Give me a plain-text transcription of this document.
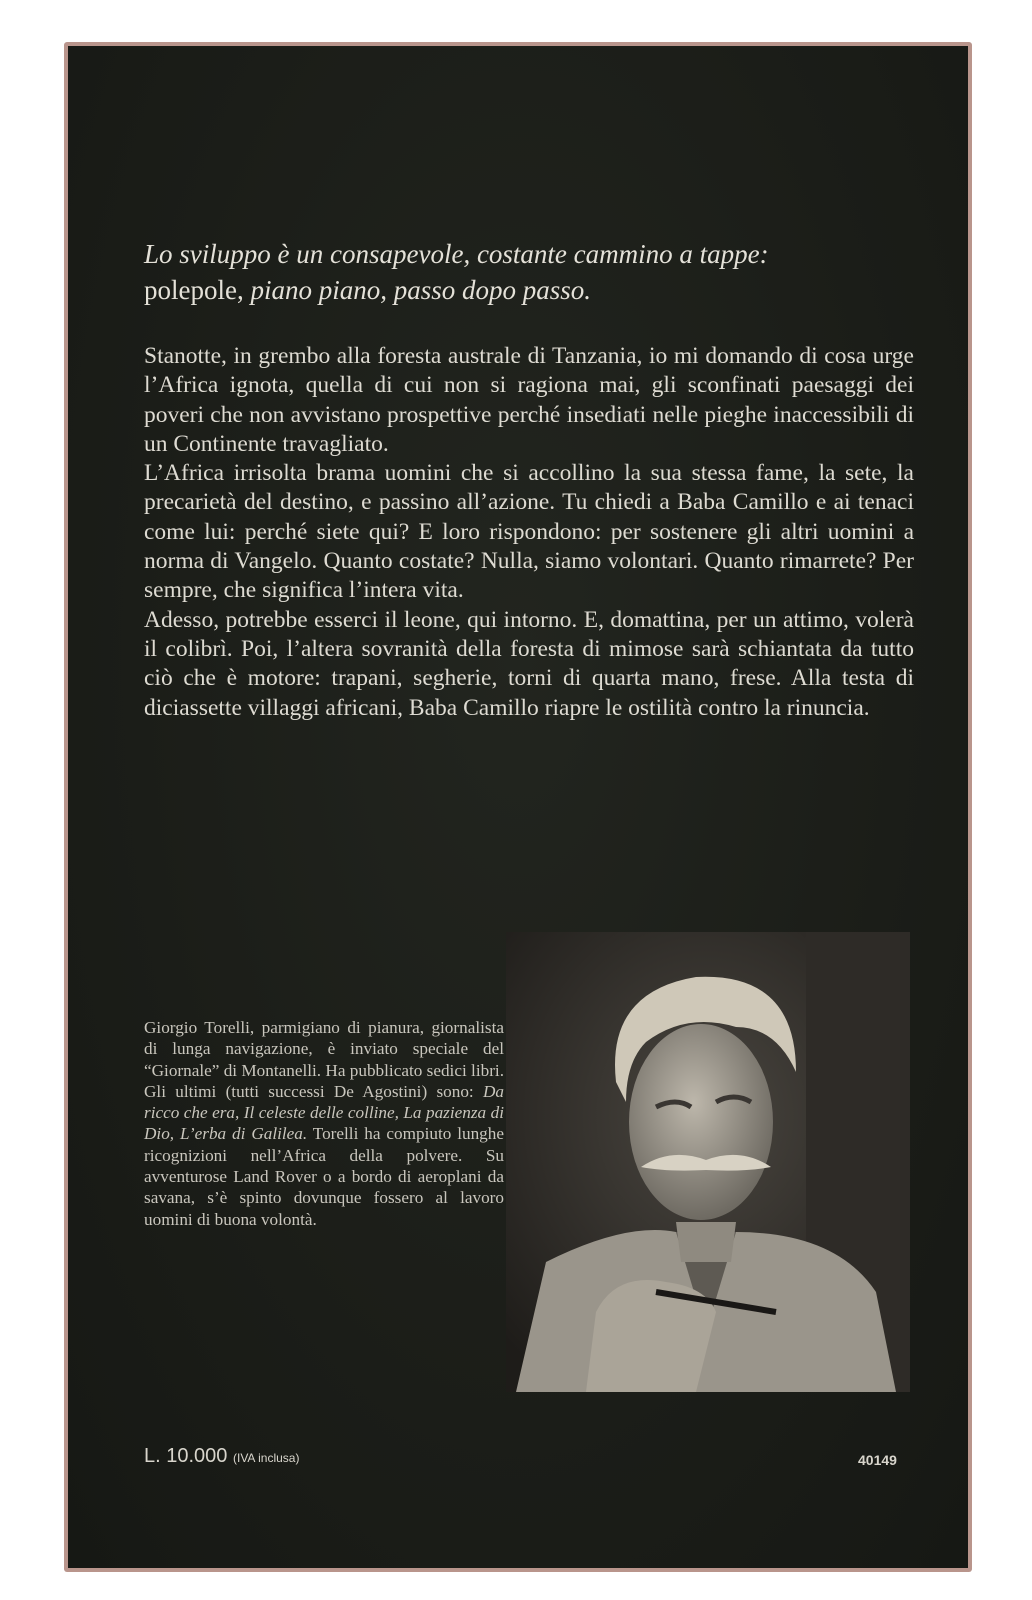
Lo sviluppo è un consapevole, costante cammino a tappe:
polepole, piano piano, passo dopo passo.

Stanotte, in grembo alla foresta australe di Tanzania, io mi domando di cosa urge l’Africa ignota, quella di cui non si ragiona mai, gli sconfinati paesaggi dei poveri che non avvistano prospettive perché insediati nelle pieghe inaccessibili di un Continente travagliato.

L’Africa irrisolta brama uomini che si accollino la sua stessa fame, la sete, la precarietà del destino, e passino all’azione. Tu chiedi a Baba Camillo e ai tenaci come lui: perché siete qui? E loro rispondono: per sostenere gli altri uomini a norma di Vangelo. Quanto costate? Nulla, siamo volontari. Quanto rimarrete? Per sempre, che significa l’intera vita.

Adesso, potrebbe esserci il leone, qui intorno. E, domattina, per un attimo, volerà il colibrì. Poi, l’altera sovranità della foresta di mimose sarà schiantata da tutto ciò che è motore: trapani, segherie, torni di quarta mano, frese. Alla testa di diciassette villaggi africani, Baba Camillo riapre le ostilità contro la rinuncia.

Giorgio Torelli, parmigiano di pianura, giornalista di lunga navigazione, è inviato speciale del “Giornale” di Montanelli. Ha pubblicato sedici libri. Gli ultimi (tutti successi De Agostini) sono: Da ricco che era, Il celeste delle colline, La pazienza di Dio, L’erba di Galilea. Torelli ha compiuto lunghe ricognizioni nell’Africa della polvere. Su avventurose Land Rover o a bordo di aeroplani da savana, s’è spinto dovunque fossero al lavoro uomini di buona volontà.
L. 10.000 (IVA inclusa)	40149
